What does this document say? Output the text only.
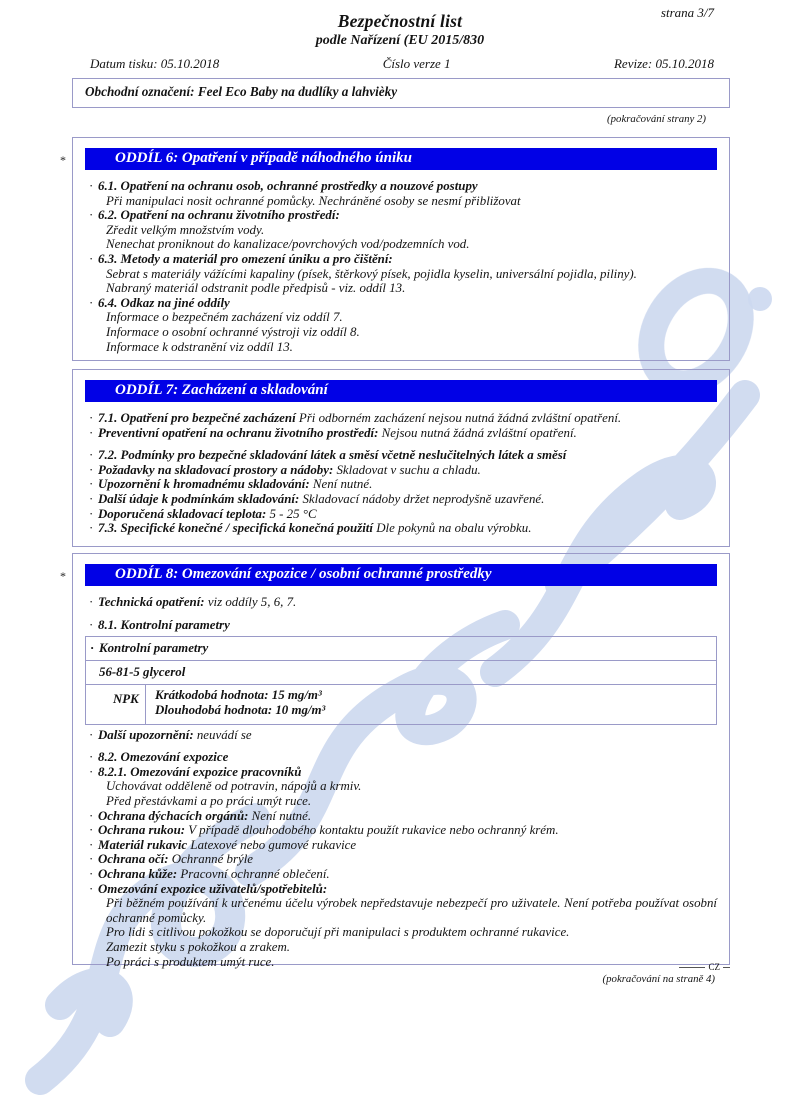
strana 3/7
Bezpečnostní list
podle Nařízení (EU 2015/830
Datum tisku: 05.10.2018	Číslo verze 1	Revize: 05.10.2018
Obchodní označení: Feel Eco Baby na dudlíky a lahvièky
(pokračování strany 2)
*	ODDÍL 6: Opatření v případě náhodného úniku
· 6.1. Opatření na ochranu osob, ochranné prostředky a nouzové postupy
Při manipulaci nosit ochranné pomůcky. Nechráněné osoby se nesmí přibližovat
· 6.2. Opatření na ochranu životního prostředí:
Zředit velkým množstvím vody.
Nenechat proniknout do kanalizace/povrchových vod/podzemních vod.
· 6.3. Metody a materiál pro omezení úniku a pro čištění:
Sebrat s materiály vážícími kapaliny (písek, štěrkový písek, pojidla kyselin, universální pojidla, piliny).
Nabraný materiál odstranit podle předpisů - viz. oddíl 13.
· 6.4. Odkaz na jiné oddíly
Informace o bezpečném zacházení viz oddíl 7.
Informace o osobní ochranné výstroji viz oddíl 8.
Informace k odstranění viz oddíl 13.
ODDÍL 7: Zacházení a skladování
· 7.1. Opatření pro bezpečné zacházení Při odborném zacházení nejsou nutná žádná zvláštní opatření.
· Preventivní opatření na ochranu životního prostředí: Nejsou nutná žádná zvláštní opatření.
· 7.2. Podmínky pro bezpečné skladování látek a směsí včetně neslučitelných látek a směsí
· Požadavky na skladovací prostory a nádoby: Skladovat v suchu a chladu.
· Upozornění k hromadnému skladování: Není nutné.
· Další údaje k podmínkám skladování: Skladovací nádoby držet neprodyšně uzavřené.
· Doporučená skladovací teplota: 5 - 25 °C
· 7.3. Specifické konečné / specifická konečná použití Dle pokynů na obalu výrobku.
*	ODDÍL 8: Omezování expozice / osobní ochranné prostředky
· Technická opatření: viz oddíly 5, 6, 7.
· 8.1. Kontrolní parametry
· Kontrolní parametry
56-81-5 glycerol
NPK	Krátkodobá hodnota: 15 mg/m³
Dlouhodobá hodnota: 10 mg/m³
· Další upozornění: neuvádí se
· 8.2. Omezování expozice
· 8.2.1. Omezování expozice pracovníků
Uchovávat odděleně od potravin, nápojů a krmiv.
Před přestávkami a po práci umýt ruce.
· Ochrana dýchacích orgánů: Není nutné.
· Ochrana rukou: V případě dlouhodobého kontaktu použít rukavice nebo ochranný krém.
· Materiál rukavic Latexové nebo gumové rukavice
· Ochrana očí: Ochranné brýle
· Ochrana kůže: Pracovní ochranné oblečení.
· Omezování expozice uživatelů/spotřebitelů:
Při běžném používání k určenému účelu výrobek nepředstavuje nebezpečí pro uživatele. Není potřeba používat osobní ochranné pomůcky.
Pro lidi s citlivou pokožkou se doporučují při manipulaci s produktem ochranné rukavice.
Zamezit styku s pokožkou a zrakem.
Po práci s produktem umýt ruce.
(pokračování na straně 4)
CZ
